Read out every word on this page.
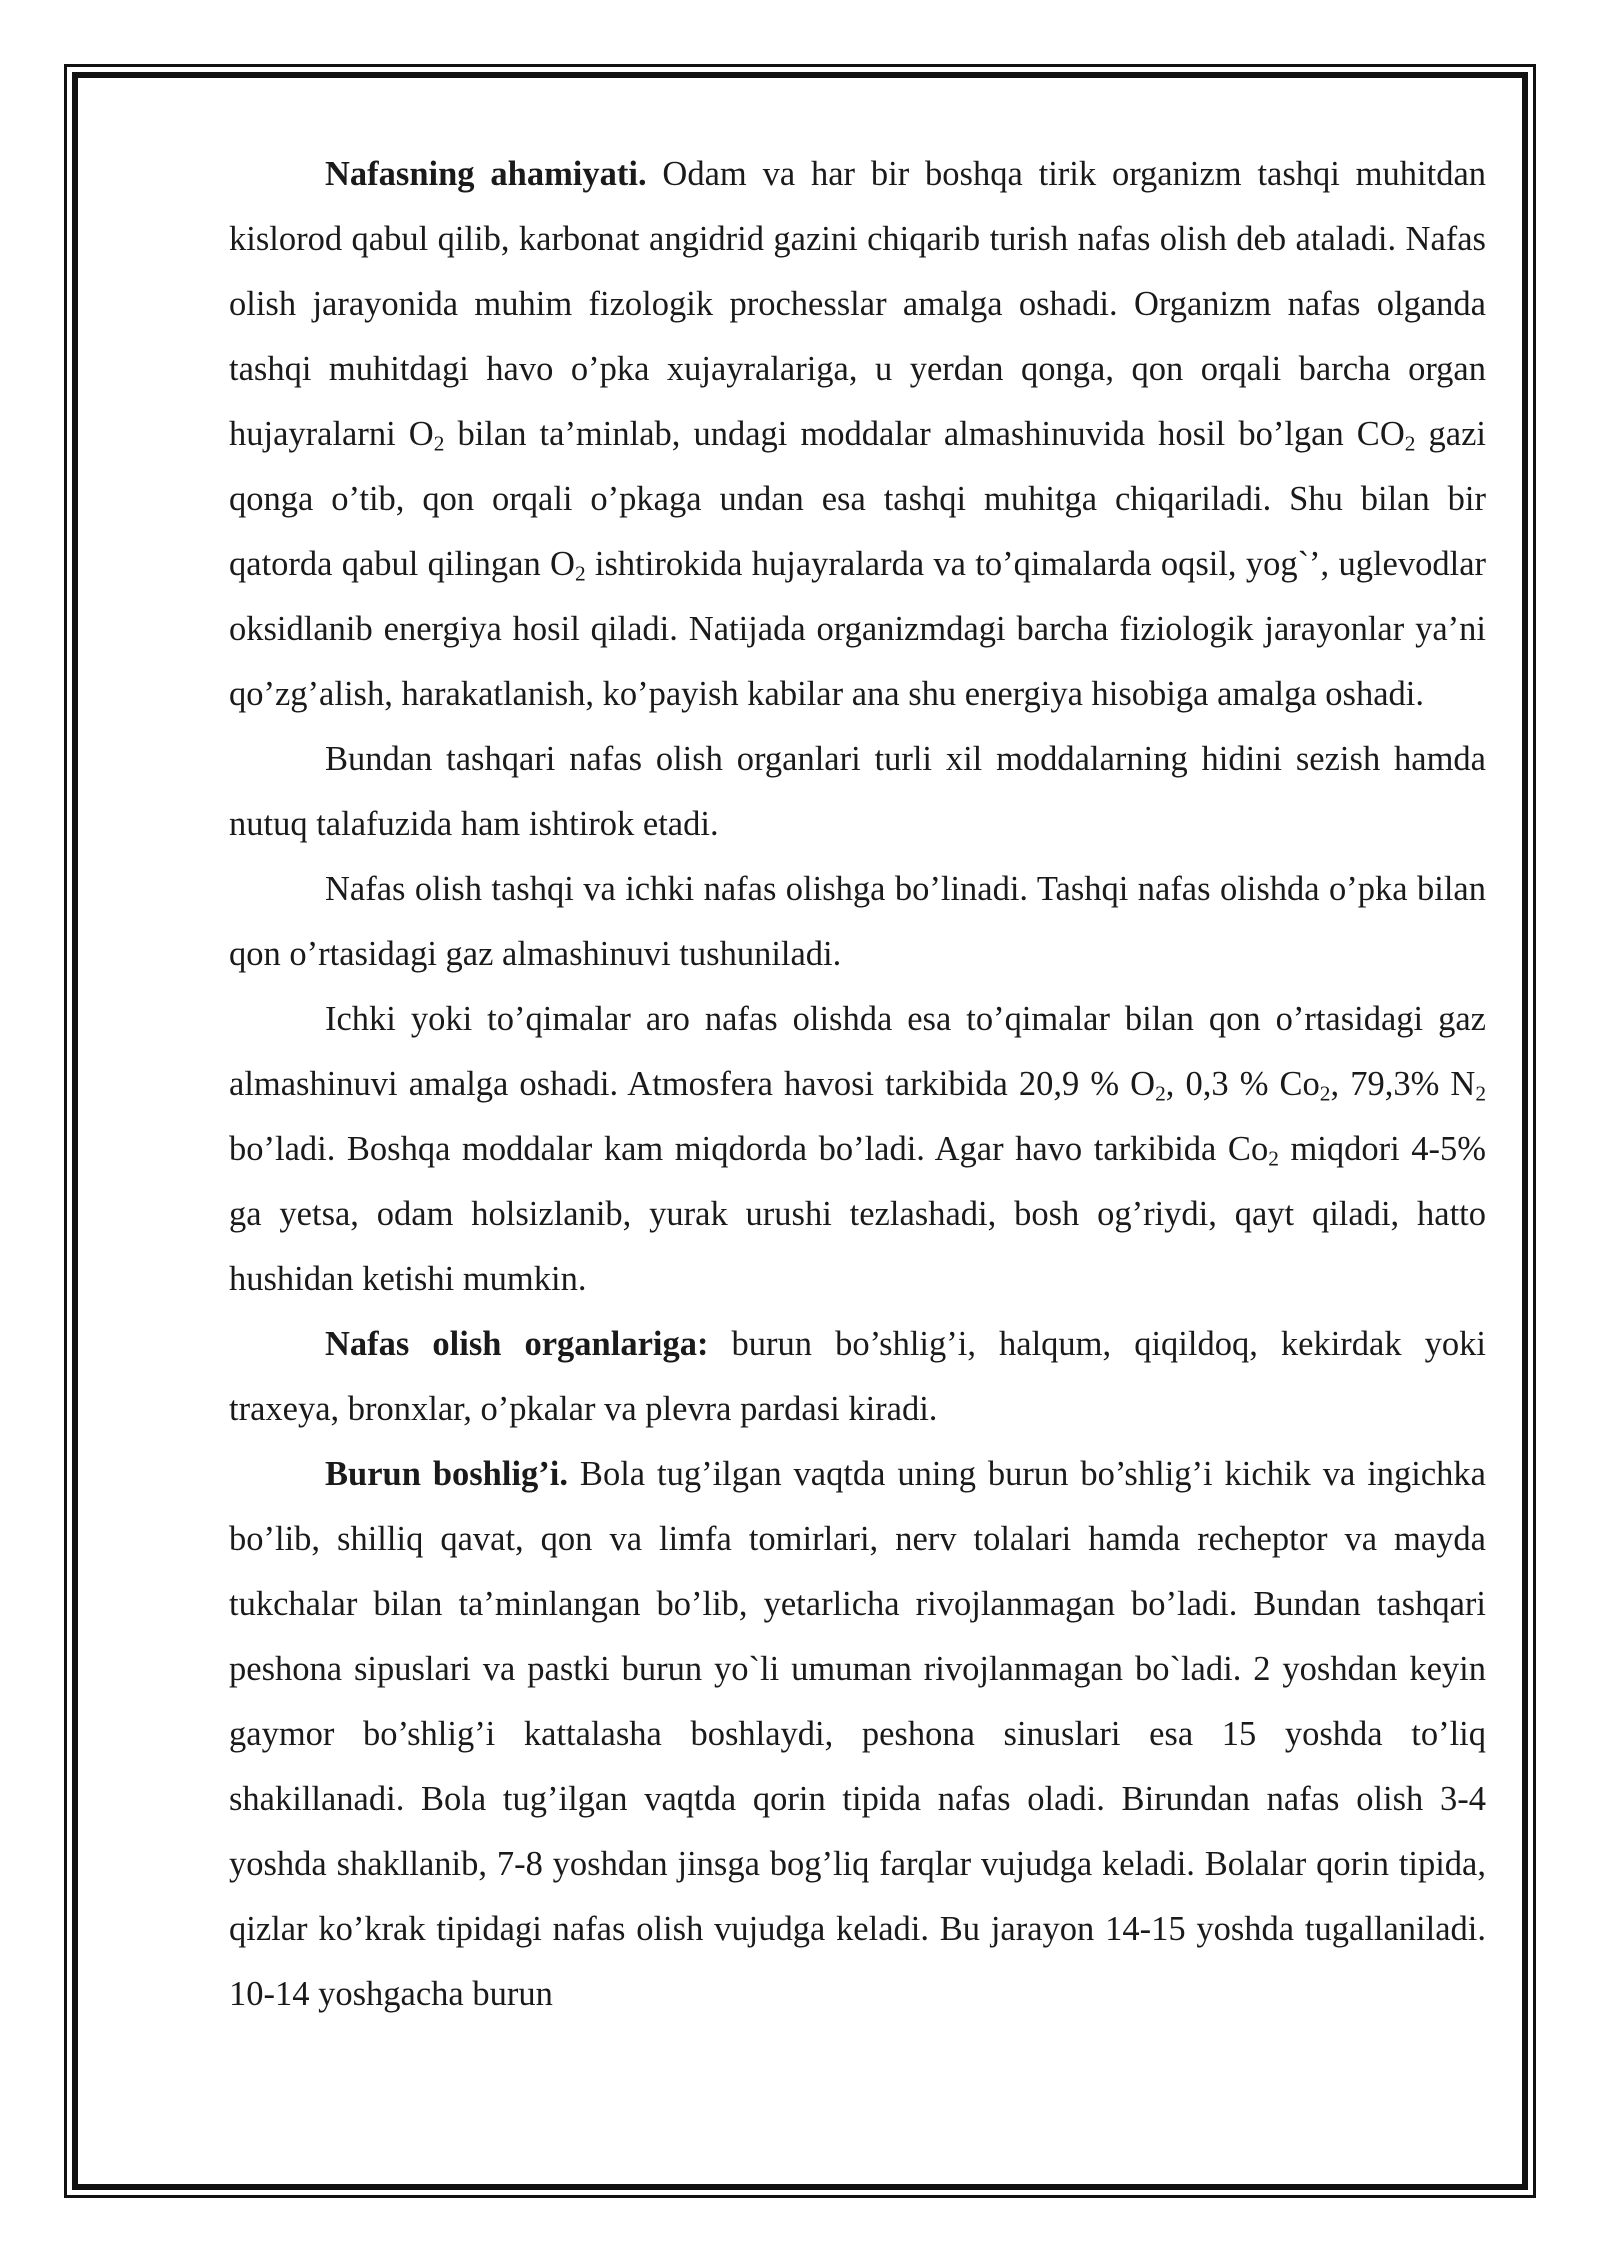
Nafasning ahamiyati. Odam va har bir boshqa tirik organizm tashqi muhitdan kislorod qabul qilib, karbonat angidrid gazini chiqarib turish nafas olish deb ataladi. Nafas olish jarayonida muhim fizologik prochesslar amalga oshadi. Organizm nafas olganda tashqi muhitdagi havo o’pka xujayralariga, u yerdan qonga, qon orqali barcha organ hujayralarni $O_2$ bilan ta’minlab, undagi moddalar almashinuvida hosil bo’lgan $CO_2$ gazi qonga o’tib, qon orqali o’pkaga undan esa tashqi muhitga chiqariladi. Shu bilan bir qatorda qabul qilingan $O_2$ ishtirokida hujayralarda va to’qimalarda oqsil, yog`’, uglevodlar oksidlanib energiya hosil qiladi. Natijada organizmdagi barcha fiziologik jarayonlar ya’ni qo’zg’alish, harakatlanish, ko’payish kabilar ana shu energiya hisobiga amalga oshadi.

Bundan tashqari nafas olish organlari turli xil moddalarning hidini sezish hamda nutuq talafuzida ham ishtirok etadi.

Nafas olish tashqi va ichki nafas olishga bo’linadi. Tashqi nafas olishda o’pka bilan qon o’rtasidagi gaz almashinuvi tushuniladi.

Ichki yoki to’qimalar aro nafas olishda esa to’qimalar bilan qon o’rtasidagi gaz almashinuvi amalga oshadi. Atmosfera havosi tarkibida 20,9 % $O_2$, 0,3 % $Co_2$, 79,3% $N_2$ bo’ladi. Boshqa moddalar kam miqdorda bo’ladi. Agar havo tarkibida $Co_2$ miqdori 4-5% ga yetsa, odam holsizlanib, yurak urushi tezlashadi, bosh og’riydi, qayt qiladi, hatto hushidan ketishi mumkin.

Nafas olish organlariga: burun bo’shlig’i, halqum, qiqildoq, kekirdak yoki traxeya, bronxlar, o’pkalar va plevra pardasi kiradi.

Burun boshlig’i. Bola tug’ilgan vaqtda uning burun bo’shlig’i kichik va ingichka bo’lib, shilliq qavat, qon va limfa tomirlari, nerv tolalari hamda recheptor va mayda tukchalar bilan ta’minlangan bo’lib, yetarlicha rivojlanmagan bo’ladi. Bundan tashqari peshona sipuslari va pastki burun yo`li umuman rivojlanmagan bo`ladi. 2 yoshdan keyin gaymor bo’shlig’i kattalasha boshlaydi, peshona sinuslari esa 15 yoshda to’liq shakillanadi. Bola tug’ilgan vaqtda qorin tipida nafas oladi. Birundan nafas olish 3-4 yoshda shakllanib, 7-8 yoshdan jinsga bog’liq farqlar vujudga keladi. Bolalar qorin tipida, qizlar ko’krak tipidagi nafas olish vujudga keladi. Bu jarayon 14-15 yoshda tugallaniladi. 10-14 yoshgacha burun
